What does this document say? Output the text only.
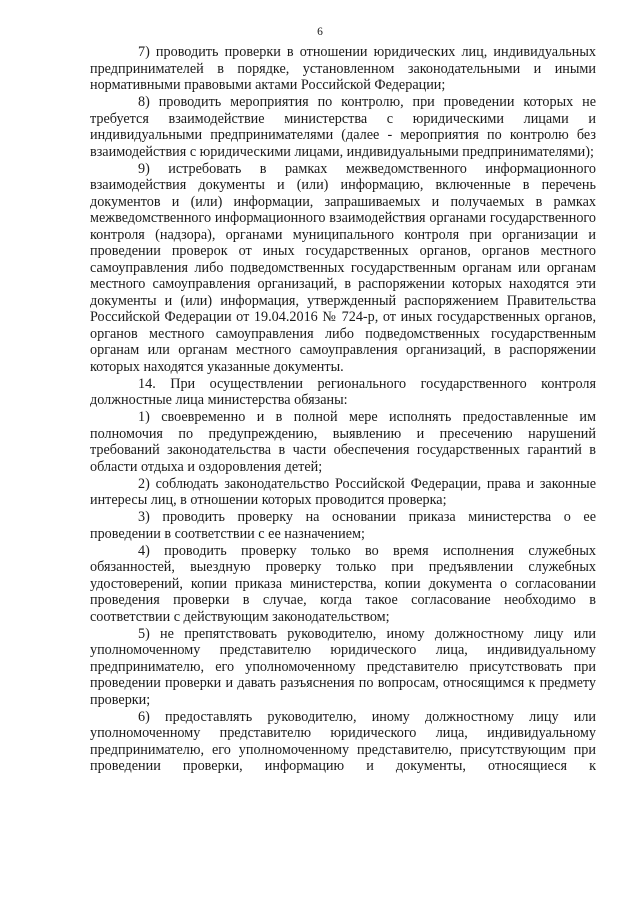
6

7) проводить проверки в отношении юридических лиц, индивидуальных предпринимателей в порядке, установленном законодательными и иными нормативными правовыми актами Российской Федерации;

8) проводить мероприятия по контролю, при проведении которых не требуется взаимодействие министерства с юридическими лицами и индивидуальными предпринимателями (далее - мероприятия по контролю без взаимодействия с юридическими лицами, индивидуальными предпринимателями);

9) истребовать в рамках межведомственного информационного взаимодействия документы и (или) информацию, включенные в перечень документов и (или) информации, запрашиваемых и получаемых в рамках межведомственного информационного взаимодействия органами государственного контроля (надзора), органами муниципального контроля при организации и проведении проверок от иных государственных органов, органов местного самоуправления либо подведомственных государственным органам или органам местного самоуправления организаций, в распоряжении которых находятся эти документы и (или) информация, утвержденный распоряжением Правительства Российской Федерации от 19.04.2016 № 724-р, от иных государственных органов, органов местного самоуправления либо подведомственных государственным органам или органам местного самоуправления организаций, в распоряжении которых находятся указанные документы.

14. При осуществлении регионального государственного контроля должностные лица министерства обязаны:

1) своевременно и в полной мере исполнять предоставленные им полномочия по предупреждению, выявлению и пресечению нарушений требований законодательства в части обеспечения государственных гарантий в области отдыха и оздоровления детей;

2) соблюдать законодательство Российской Федерации, права и законные интересы лиц, в отношении которых проводится проверка;

3) проводить проверку на основании приказа министерства о ее проведении в соответствии с ее назначением;

4) проводить проверку только во время исполнения служебных обязанностей, выездную проверку только при предъявлении служебных удостоверений, копии приказа министерства, копии документа о согласовании проведения проверки в случае, когда такое согласование необходимо в соответствии с действующим законодательством;

5) не препятствовать руководителю, иному должностному лицу или уполномоченному представителю юридического лица, индивидуальному предпринимателю, его уполномоченному представителю присутствовать при проведении проверки и давать разъяснения по вопросам, относящимся к предмету проверки;

6) предоставлять руководителю, иному должностному лицу или уполномоченному представителю юридического лица, индивидуальному предпринимателю, его уполномоченному представителю, присутствующим при проведении проверки, информацию и документы, относящиеся к
